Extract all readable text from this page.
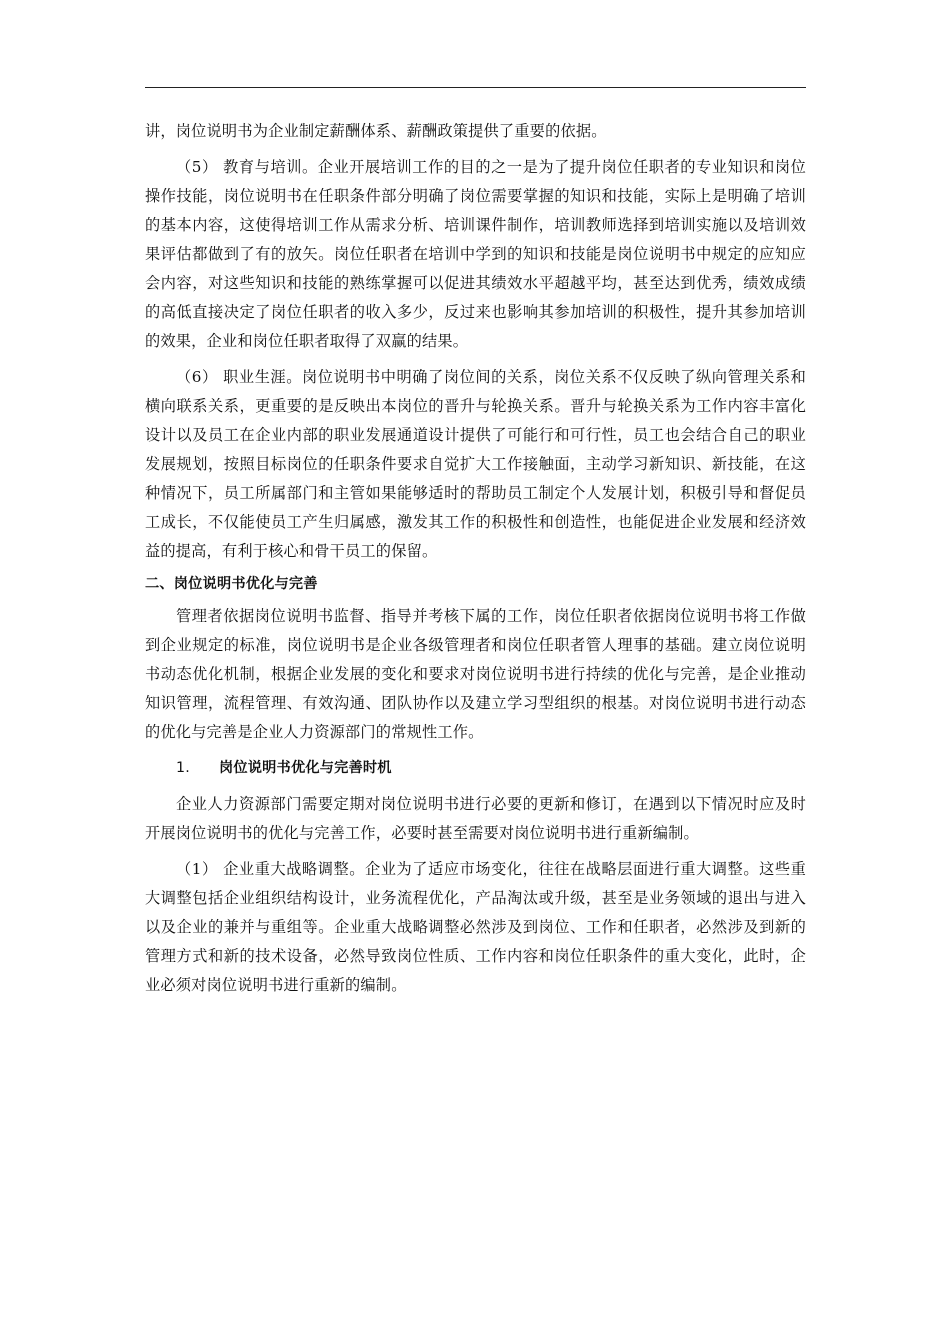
讲，岗位说明书为企业制定薪酬体系、薪酬政策提供了重要的依据。

（5） 教育与培训。企业开展培训工作的目的之一是为了提升岗位任职者的专业知识和岗位操作技能，岗位说明书在任职条件部分明确了岗位需要掌握的知识和技能，实际上是明确了培训的基本内容，这使得培训工作从需求分析、培训课件制作，培训教师选择到培训实施以及培训效果评估都做到了有的放矢。岗位任职者在培训中学到的知识和技能是岗位说明书中规定的应知应会内容，对这些知识和技能的熟练掌握可以促进其绩效水平超越平均，甚至达到优秀，绩效成绩的高低直接决定了岗位任职者的收入多少，反过来也影响其参加培训的积极性，提升其参加培训的效果，企业和岗位任职者取得了双赢的结果。

（6） 职业生涯。岗位说明书中明确了岗位间的关系，岗位关系不仅反映了纵向管理关系和横向联系关系，更重要的是反映出本岗位的晋升与轮换关系。晋升与轮换关系为工作内容丰富化设计以及员工在企业内部的职业发展通道设计提供了可能行和可行性，员工也会结合自己的职业发展规划，按照目标岗位的任职条件要求自觉扩大工作接触面，主动学习新知识、新技能，在这种情况下，员工所属部门和主管如果能够适时的帮助员工制定个人发展计划，积极引导和督促员工成长，不仅能使员工产生归属感，激发其工作的积极性和创造性，也能促进企业发展和经济效益的提高，有利于核心和骨干员工的保留。

二、岗位说明书优化与完善

管理者依据岗位说明书监督、指导并考核下属的工作，岗位任职者依据岗位说明书将工作做到企业规定的标准，岗位说明书是企业各级管理者和岗位任职者管人理事的基础。建立岗位说明书动态优化机制，根据企业发展的变化和要求对岗位说明书进行持续的优化与完善，是企业推动知识管理，流程管理、有效沟通、团队协作以及建立学习型组织的根基。对岗位说明书进行动态的优化与完善是企业人力资源部门的常规性工作。

1. 岗位说明书优化与完善时机

企业人力资源部门需要定期对岗位说明书进行必要的更新和修订，在遇到以下情况时应及时开展岗位说明书的优化与完善工作，必要时甚至需要对岗位说明书进行重新编制。

（1） 企业重大战略调整。企业为了适应市场变化，往往在战略层面进行重大调整。这些重大调整包括企业组织结构设计，业务流程优化，产品淘汰或升级，甚至是业务领域的退出与进入以及企业的兼并与重组等。企业重大战略调整必然涉及到岗位、工作和任职者，必然涉及到新的管理方式和新的技术设备，必然导致岗位性质、工作内容和岗位任职条件的重大变化，此时，企业必须对岗位说明书进行重新的编制。
